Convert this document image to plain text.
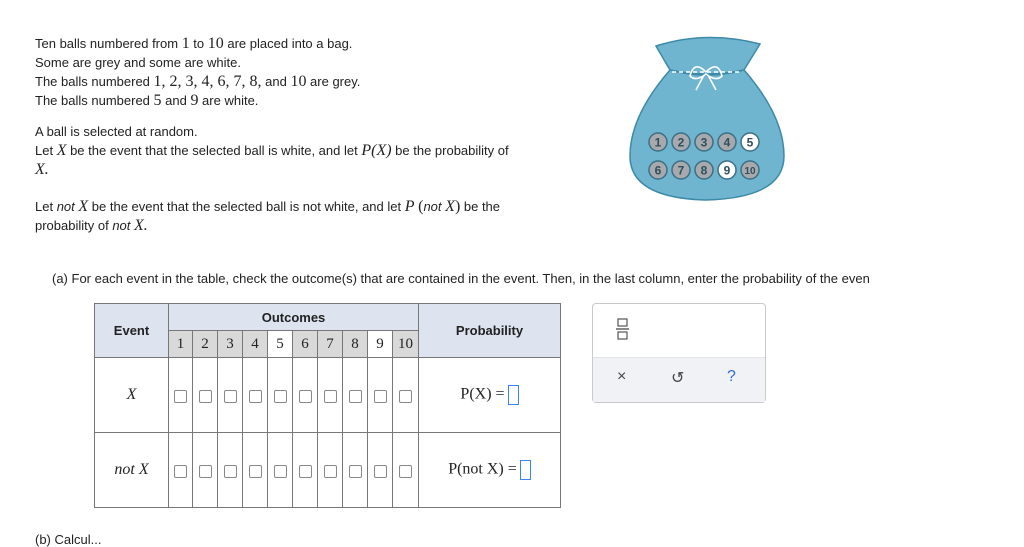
Ten balls numbered from 1 to 10 are placed into a bag.

Some are grey and some are white.

The balls numbered 1, 2, 3, 4, 6, 7, 8, and 10 are grey.

The balls numbered 5 and 9 are white.

A ball is selected at random.

Let X be the event that the selected ball is white, and let P(X) be the probability of

X.

Let not X be the event that the selected ball is not white, and let P (not X) be the

probability of not X.

1 2 3 4 5
6 7 8 9 10
(a) For each event in the table, check the outcome(s) that are contained in the event. Then, in the last column, enter the probability of the even
Event	Outcomes										Probability
	1	2	3	4	5	6	7	8	9	10	
X											P(X) =
not X											P(not X) =
×	↺	?
(b) Calcul...
